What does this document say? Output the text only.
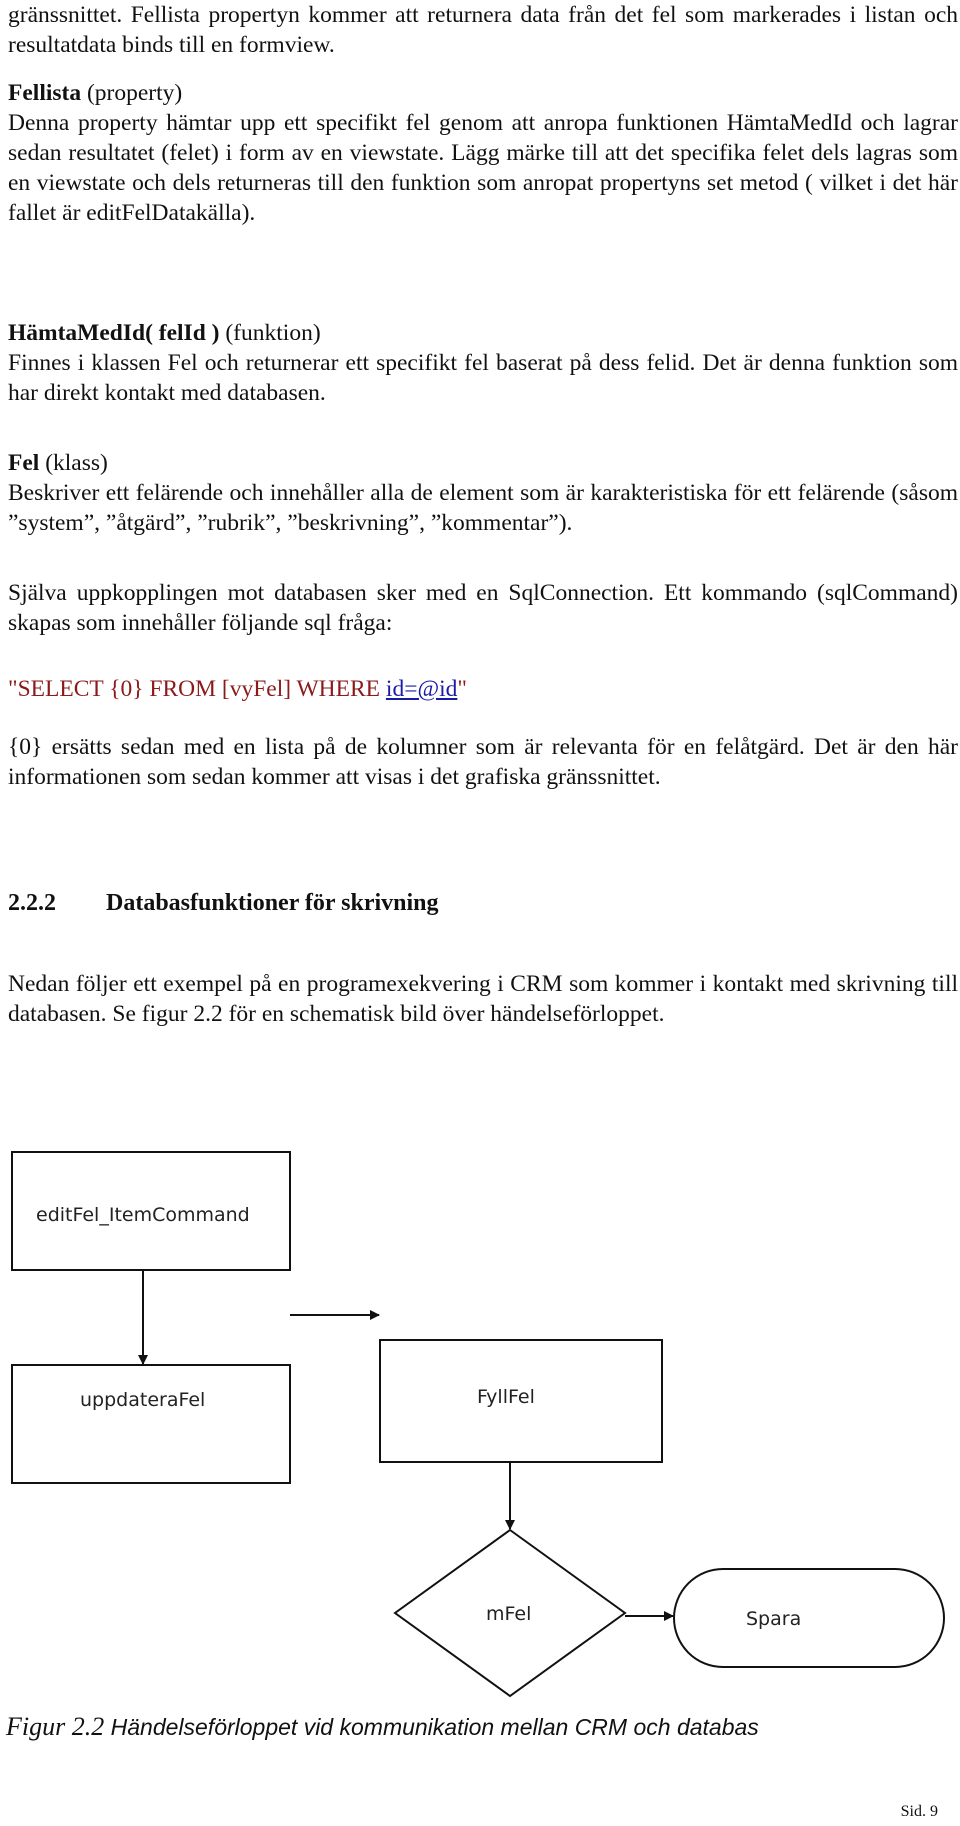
gränssnittet. Fellista propertyn kommer att returnera data från det fel som markerades i listan och resultatdata binds till en formview.
Fellista (property)
Denna property hämtar upp ett specifikt fel genom att anropa funktionen HämtaMedId och lagrar sedan resultatet (felet) i form av en viewstate. Lägg märke till att det specifika felet dels lagras som en viewstate och dels returneras till den funktion som anropat propertyns set metod ( vilket i det här fallet är editFelDatakälla).
HämtaMedId( felId ) (funktion)
Finnes i klassen Fel och returnerar ett specifikt fel baserat på dess felid. Det är denna funktion som har direkt kontakt med databasen.
Fel (klass)
Beskriver ett felärende och innehåller alla de element som är karakteristiska för ett felärende (såsom ”system”, ”åtgärd”, ”rubrik”, ”beskrivning”, ”kommentar”).
Själva uppkopplingen mot databasen sker med en SqlConnection. Ett kommando (sqlCommand) skapas som innehåller följande sql fråga:
"SELECT {0} FROM [vyFel] WHERE id=@id"
{0} ersätts sedan med en lista på de kolumner som är relevanta för en felåtgärd. Det är den här informationen som sedan kommer att visas i det grafiska gränssnittet.
2.2.2 Databasfunktioner för skrivning
Nedan följer ett exempel på en programexekvering i CRM som kommer i kontakt med skrivning till databasen. Se figur 2.2 för en schematisk bild över händelseförloppet.
editFel_ItemCommand
uppdateraFel	FyllFel
mFel	Spara
Figur 2.2 Händelseförloppet vid kommunikation mellan CRM och databas
Sid. 9
